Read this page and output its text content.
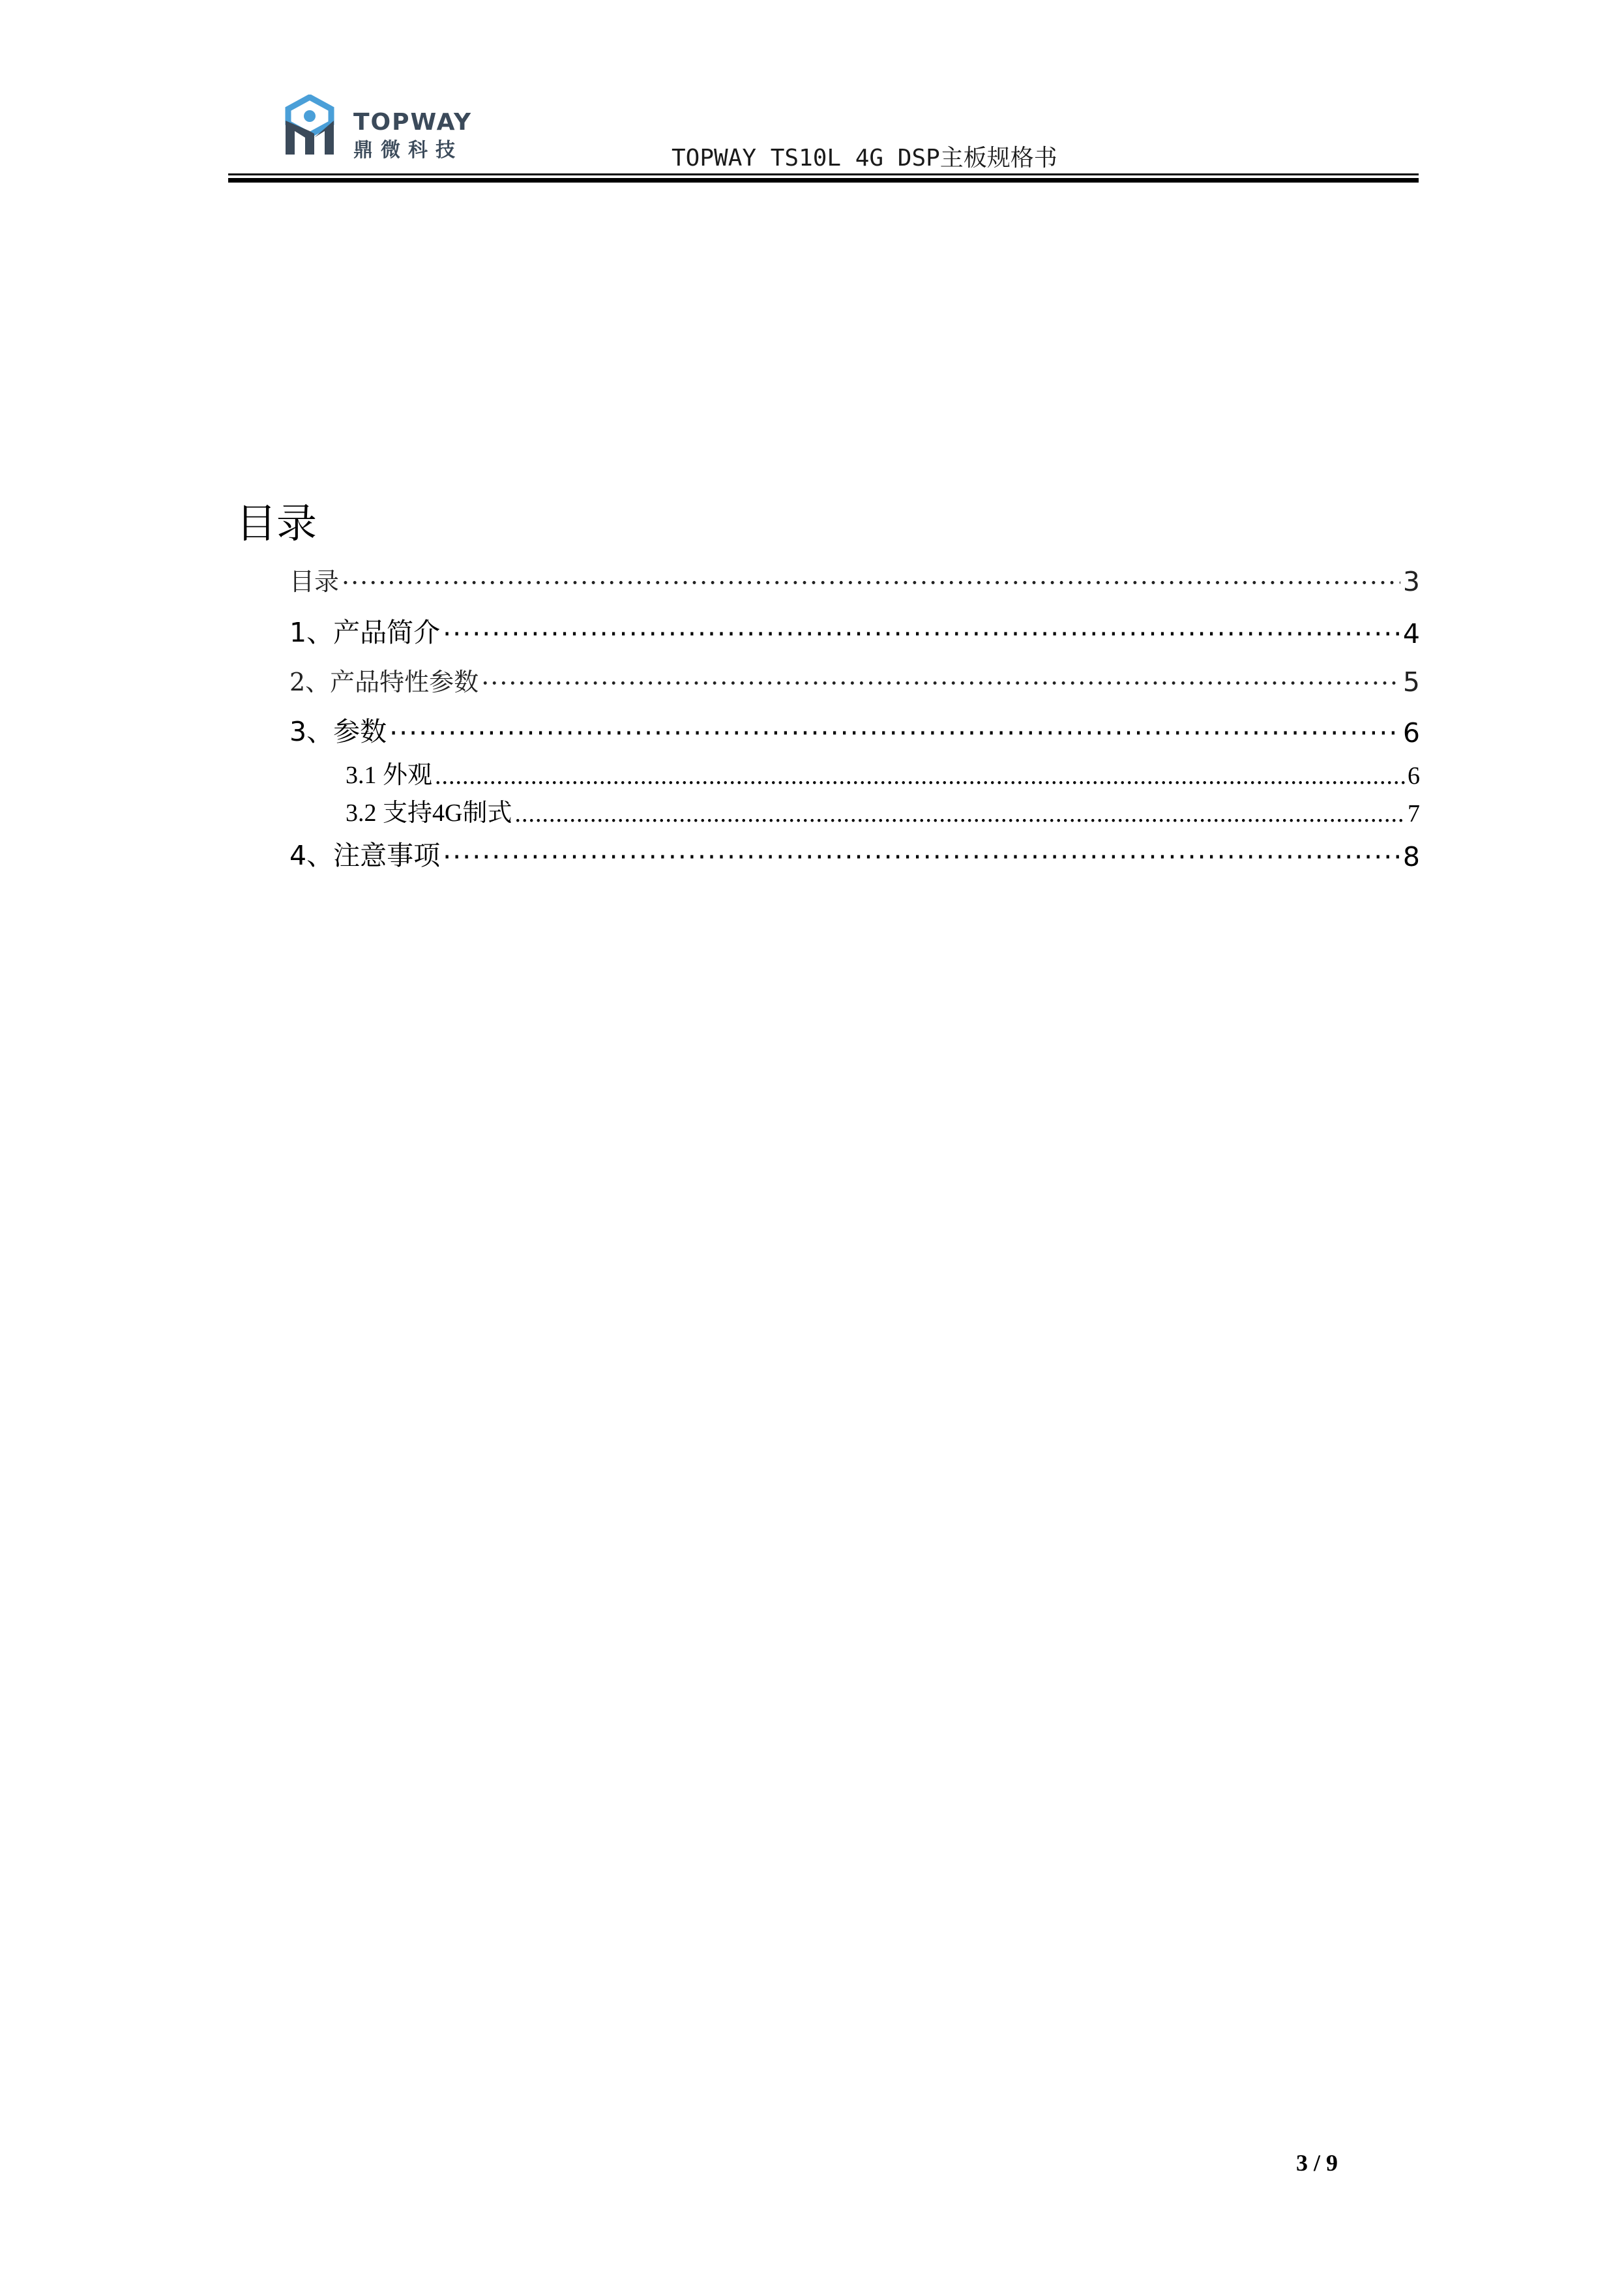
TOPWAY
鼎微科技	TOPWAY TS10L 4G DSP主板规格书
目录
目录 ·····	3
1、产品简介 ·····	4
2、产品特性参数 ·····	5
3、参数 ·····	6
3.1 外观 .....	6
3.2 支持4G制式 .....	7
4、注意事项 ·····	8
3 / 9
